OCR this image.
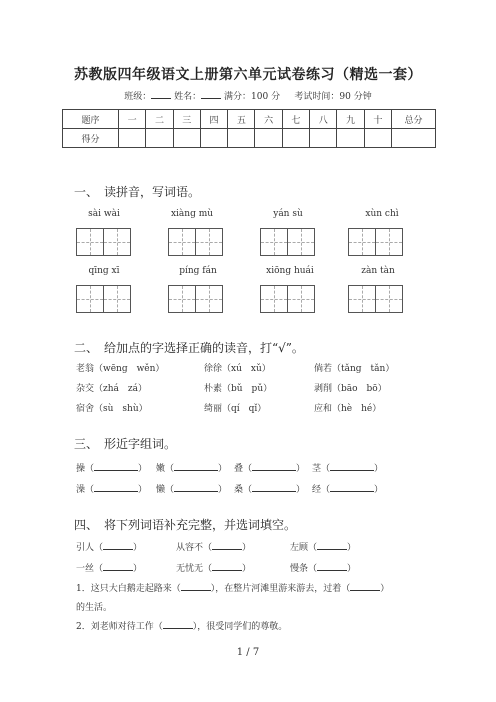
苏教版四年级语文上册第六单元试卷练习（精选一套）
班级：	姓名：	满分：100 分 考试时间：90 分钟
题序	一	二	三	四	五	六	七	八	九	十	总分
得分											
一、 读拼音，写词语。
sài wài	xiàng mù	yán sù	xùn chì
qīng xī	píng fán	xiōng huái	zàn tàn
二、 给加点的字选择正确的读音，打“√”。
老翁（wēng　wěn）	徐徐（xú　xǔ）	倘若（tǎng　tǎn）
杂交（zhá　zá）	朴素（bǔ　pǔ）	剥削（bāo　bō）
宿舍（sù　shù）	绮丽（qí　qǐ）	应和（hè　hé）
三、 形近字组词。
操（	） 嫩（	） 叠（	） 茎（	）
澡（	） 懒（	） 桑（	） 经（	）
四、 将下列词语补充完整，并选词填空。
引人（	）	从容不（	）	左顾（	）
一丝（	）	无忧无（	）	慢条（	）
1．这只大白鹅走起路来（	），在整片河滩里游来游去，过着（	）
的生活。
2．刘老师对待工作（	），很受同学们的尊敬。
1 / 7
